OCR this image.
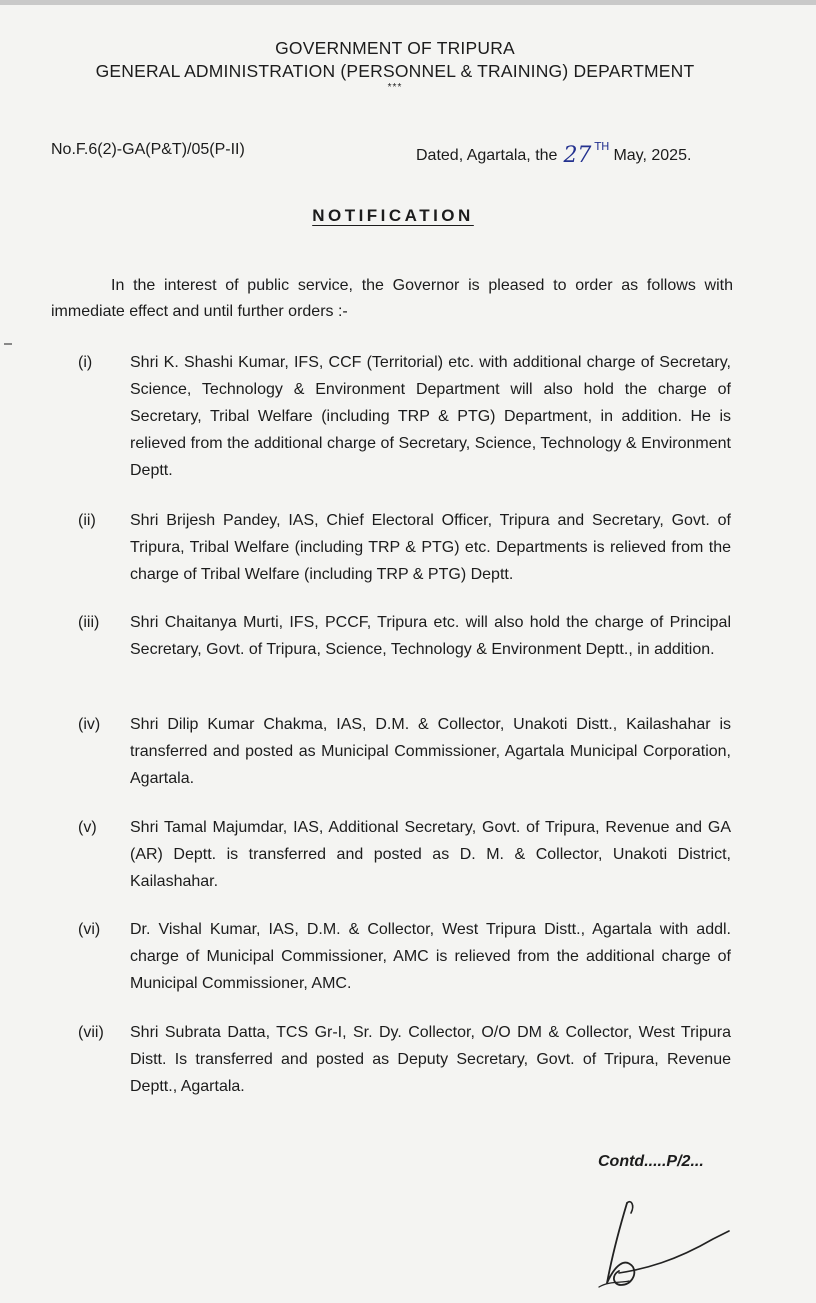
GOVERNMENT OF TRIPURA
GENERAL ADMINISTRATION (PERSONNEL & TRAINING) DEPARTMENT
***
No.F.6(2)-GA(P&T)/05(P-II)	Dated, Agartala, the 27 $^{TH}$May, 2025.
NOTIFICATION
In the interest of public service, the Governor is pleased to order as follows with immediate effect and until further orders :-
(i)	Shri K. Shashi Kumar, IFS, CCF (Territorial) etc. with additional charge of Secretary, Science, Technology & Environment Department will also hold the charge of Secretary, Tribal Welfare (including TRP & PTG) Department, in addition. He is relieved from the additional charge of Secretary, Science, Technology & Environment Deptt.
(ii)	Shri Brijesh Pandey, IAS, Chief Electoral Officer, Tripura and Secretary, Govt. of Tripura, Tribal Welfare (including TRP & PTG) etc. Departments is relieved from the charge of Tribal Welfare (including TRP & PTG) Deptt.
(iii)	Shri Chaitanya Murti, IFS, PCCF, Tripura etc. will also hold the charge of Principal Secretary, Govt. of Tripura, Science, Technology & Environment Deptt., in addition.
(iv)	Shri Dilip Kumar Chakma, IAS, D.M. & Collector, Unakoti Distt., Kailashahar is transferred and posted as Municipal Commissioner, Agartala Municipal Corporation, Agartala.
(v)	Shri Tamal Majumdar, IAS, Additional Secretary, Govt. of Tripura, Revenue and GA (AR) Deptt. is transferred and posted as D. M. & Collector, Unakoti District, Kailashahar.
(vi)	Dr. Vishal Kumar, IAS, D.M. & Collector, West Tripura Distt., Agartala with addl. charge of Municipal Commissioner, AMC is relieved from the additional charge of Municipal Commissioner, AMC.
(vii)	Shri Subrata Datta, TCS Gr-I, Sr. Dy. Collector, O/O DM & Collector, West Tripura Distt. Is transferred and posted as Deputy Secretary, Govt. of Tripura, Revenue Deptt., Agartala.
Contd.....P/2...
